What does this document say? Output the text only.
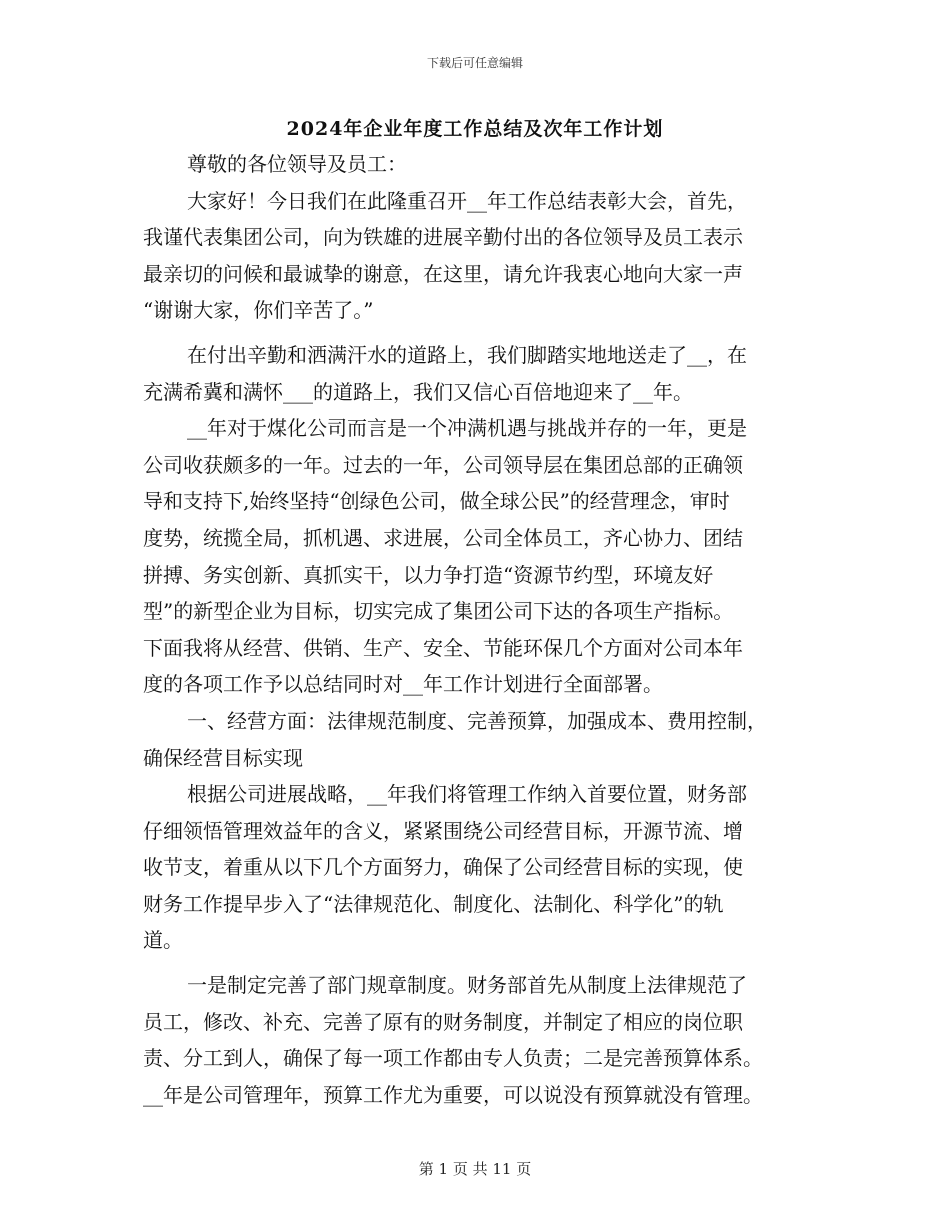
下载后可任意编辑
2024年企业年度工作总结及次年工作计划
尊敬的各位领导及员工：
大家好！今日我们在此隆重召开__年工作总结表彰大会，首先，
我谨代表集团公司，向为铁雄的进展辛勤付出的各位领导及员工表示
最亲切的问候和最诚挚的谢意，在这里，请允许我衷心地向大家一声
“谢谢大家，你们辛苦了。”
在付出辛勤和洒满汗水的道路上，我们脚踏实地地送走了__，在
充满希冀和满怀___的道路上，我们又信心百倍地迎来了__年。
__年对于煤化公司而言是一个冲满机遇与挑战并存的一年，更是
公司收获颇多的一年。过去的一年，公司领导层在集团总部的正确领
导和支持下,始终坚持“创绿色公司，做全球公民”的经营理念，审时
度势，统揽全局，抓机遇、求进展，公司全体员工，齐心协力、团结
拼搏、务实创新、真抓实干，以力争打造“资源节约型，环境友好
型”的新型企业为目标，切实完成了集团公司下达的各项生产指标。
下面我将从经营、供销、生产、安全、节能环保几个方面对公司本年
度的各项工作予以总结同时对__年工作计划进行全面部署。
一、经营方面：法律规范制度、完善预算，加强成本、费用控制，
确保经营目标实现
根据公司进展战略，__年我们将管理工作纳入首要位置，财务部
仔细领悟管理效益年的含义，紧紧围绕公司经营目标，开源节流、增
收节支，着重从以下几个方面努力，确保了公司经营目标的实现，使
财务工作提早步入了“法律规范化、制度化、法制化、科学化”的轨
道。
一是制定完善了部门规章制度。财务部首先从制度上法律规范了
员工，修改、补充、完善了原有的财务制度，并制定了相应的岗位职
责、分工到人，确保了每一项工作都由专人负责；二是完善预算体系。
__年是公司管理年，预算工作尤为重要，可以说没有预算就没有管理。
第 1 页 共 11 页
